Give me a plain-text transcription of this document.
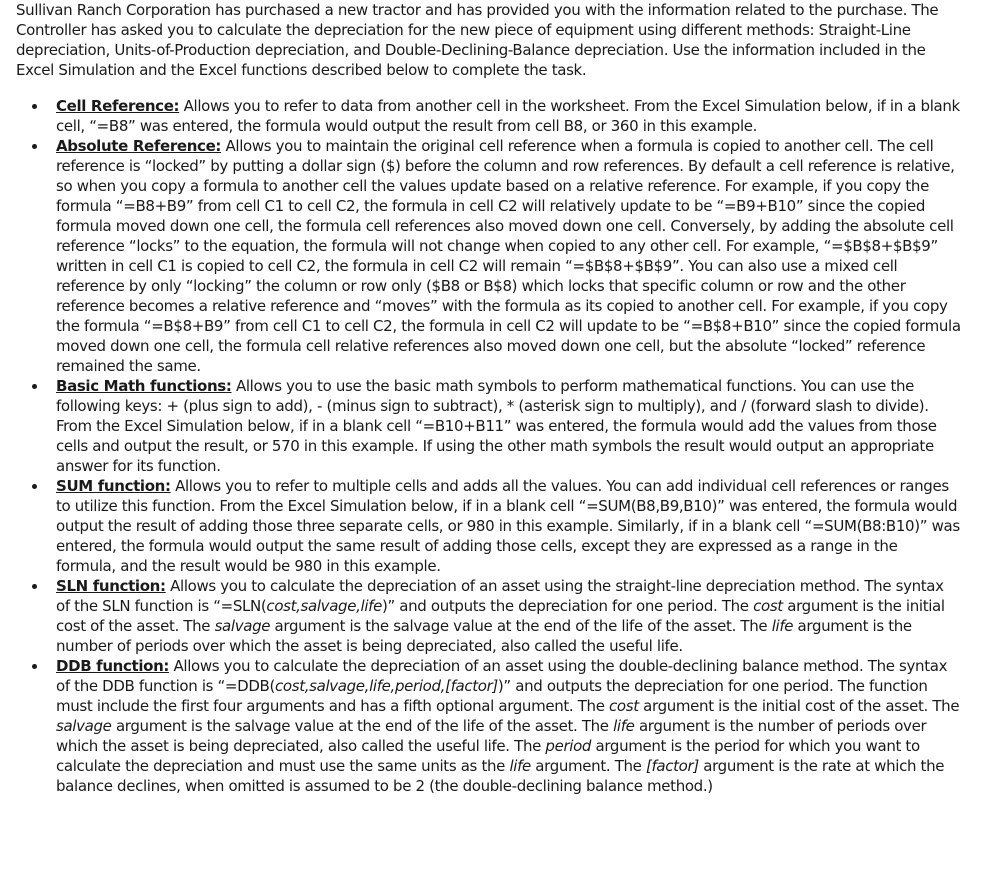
Sullivan Ranch Corporation has purchased a new tractor and has provided you with the information related to the purchase. The Controller has asked you to calculate the depreciation for the new piece of equipment using different methods: Straight-Line depreciation, Units-of-Production depreciation, and Double-Declining-Balance depreciation. Use the information included in the Excel Simulation and the Excel functions described below to complete the task.

Cell Reference: Allows you to refer to data from another cell in the worksheet. From the Excel Simulation below, if in a blank cell, “=B8” was entered, the formula would output the result from cell B8, or 360 in this example.
Absolute Reference: Allows you to maintain the original cell reference when a formula is copied to another cell. The cell reference is “locked” by putting a dollar sign ($) before the column and row references. By default a cell reference is relative, so when you copy a formula to another cell the values update based on a relative reference. For example, if you copy the formula “=B8+B9” from cell C1 to cell C2, the formula in cell C2 will relatively update to be “=B9+B10” since the copied formula moved down one cell, the formula cell references also moved down one cell. Conversely, by adding the absolute cell reference “locks” to the equation, the formula will not change when copied to any other cell. For example, “=$B$8+$B$9” written in cell C1 is copied to cell C2, the formula in cell C2 will remain “=$B$8+$B$9”. You can also use a mixed cell reference by only “locking” the column or row only ($B8 or B$8) which locks that specific column or row and the other reference becomes a relative reference and “moves” with the formula as its copied to another cell. For example, if you copy the formula “=B$8+B9” from cell C1 to cell C2, the formula in cell C2 will update to be “=B$8+B10” since the copied formula moved down one cell, the formula cell relative references also moved down one cell, but the absolute “locked” reference remained the same.
Basic Math functions: Allows you to use the basic math symbols to perform mathematical functions. You can use the following keys: + (plus sign to add), - (minus sign to subtract), * (asterisk sign to multiply), and / (forward slash to divide). From the Excel Simulation below, if in a blank cell “=B10+B11” was entered, the formula would add the values from those cells and output the result, or 570 in this example. If using the other math symbols the result would output an appropriate answer for its function.
SUM function: Allows you to refer to multiple cells and adds all the values. You can add individual cell references or ranges to utilize this function. From the Excel Simulation below, if in a blank cell “=SUM(B8,B9,B10)” was entered, the formula would output the result of adding those three separate cells, or 980 in this example. Similarly, if in a blank cell “=SUM(B8:B10)” was entered, the formula would output the same result of adding those cells, except they are expressed as a range in the formula, and the result would be 980 in this example.
SLN function: Allows you to calculate the depreciation of an asset using the straight-line depreciation method. The syntax of the SLN function is “=SLN(cost,salvage,life)” and outputs the depreciation for one period. The cost argument is the initial cost of the asset. The salvage argument is the salvage value at the end of the life of the asset. The life argument is the number of periods over which the asset is being depreciated, also called the useful life.
DDB function: Allows you to calculate the depreciation of an asset using the double-declining balance method. The syntax of the DDB function is “=DDB(cost,salvage,life,period,[factor])” and outputs the depreciation for one period. The function must include the first four arguments and has a fifth optional argument. The cost argument is the initial cost of the asset. The salvage argument is the salvage value at the end of the life of the asset. The life argument is the number of periods over which the asset is being depreciated, also called the useful life. The period argument is the period for which you want to calculate the depreciation and must use the same units as the life argument. The [factor] argument is the rate at which the balance declines, when omitted is assumed to be 2 (the double-declining balance method.)
